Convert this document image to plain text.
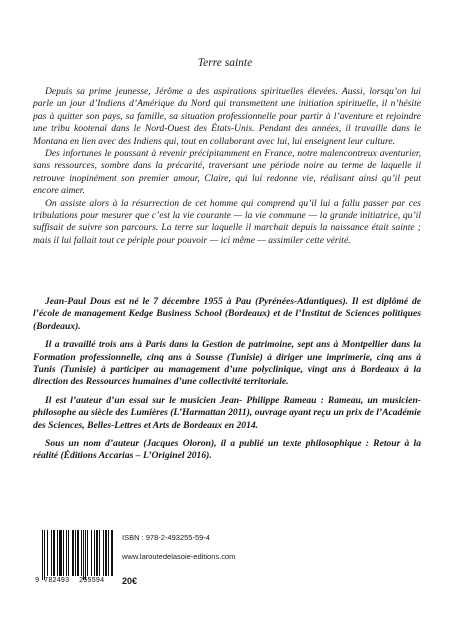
Terre sainte

Depuis sa prime jeunesse, Jérôme a des aspirations spirituelles élevées. Aussi, lorsqu’on lui parle un jour d’Indiens d’Amérique du Nord qui transmettent une initiation spirituelle, il n’hésite pas à quitter son pays, sa famille, sa situation professionnelle pour partir à l’aventure et rejoindre une tribu kootenaï dans le Nord-Ouest des États-Unis. Pendant des années, il travaille dans le Montana en lien avec des Indiens qui, tout en collaborant avec lui, lui enseignent leur culture.

Des infortunes le poussant à revenir précipitamment en France, notre malencontreux aventurier, sans ressources, sombre dans la précarité, traversant une période noire au terme de laquelle il retrouve inopinément son premier amour, Claire, qui lui redonne vie, réalisant ainsi qu’il peut encore aimer.

On assiste alors à la résurrection de cet homme qui comprend qu’il lui a fallu passer par ces tribulations pour mesurer que c’est la vie courante — la vie commune — la grande initiatrice, qu’il suffisait de suivre son parcours. La terre sur laquelle il marchait depuis la naissance était sainte ; mais il lui fallait tout ce périple pour pouvoir — ici même — assimiler cette vérité.

Jean-Paul Dous est né le 7 décembre 1955 à Pau (Pyrénées-Atlantiques). Il est diplômé de l’école de management Kedge Business School (Bordeaux) et de l’Institut de Sciences politiques (Bordeaux).

Il a travaillé trois ans à Paris dans la Gestion de patrimoine, sept ans à Montpellier dans la Formation professionnelle, cinq ans à Sousse (Tunisie) à diriger une imprimerie, cinq ans à Tunis (Tunisie) à participer au management d’une polyclinique, vingt ans à Bordeaux à la direction des Ressources humaines d’une collectivité territoriale.

Il est l’auteur d’un essai sur le musicien Jean- Philippe Rameau : Rameau, un musicien-philosophe au siècle des Lumières (L’Harmattan 2011), ouvrage ayant reçu un prix de l’Académie des Sciences, Belles-Lettres et Arts de Bordeaux en 2014.

Sous un nom d’auteur (Jacques Oloron), il a publié un texte philosophique : Retour à la réalité (Éditions Accarias – L’Originel 2016).

9 782493 255594
ISBN : 978-2-493255-59-4
www.laroutedelasoie-editions.com
20€
